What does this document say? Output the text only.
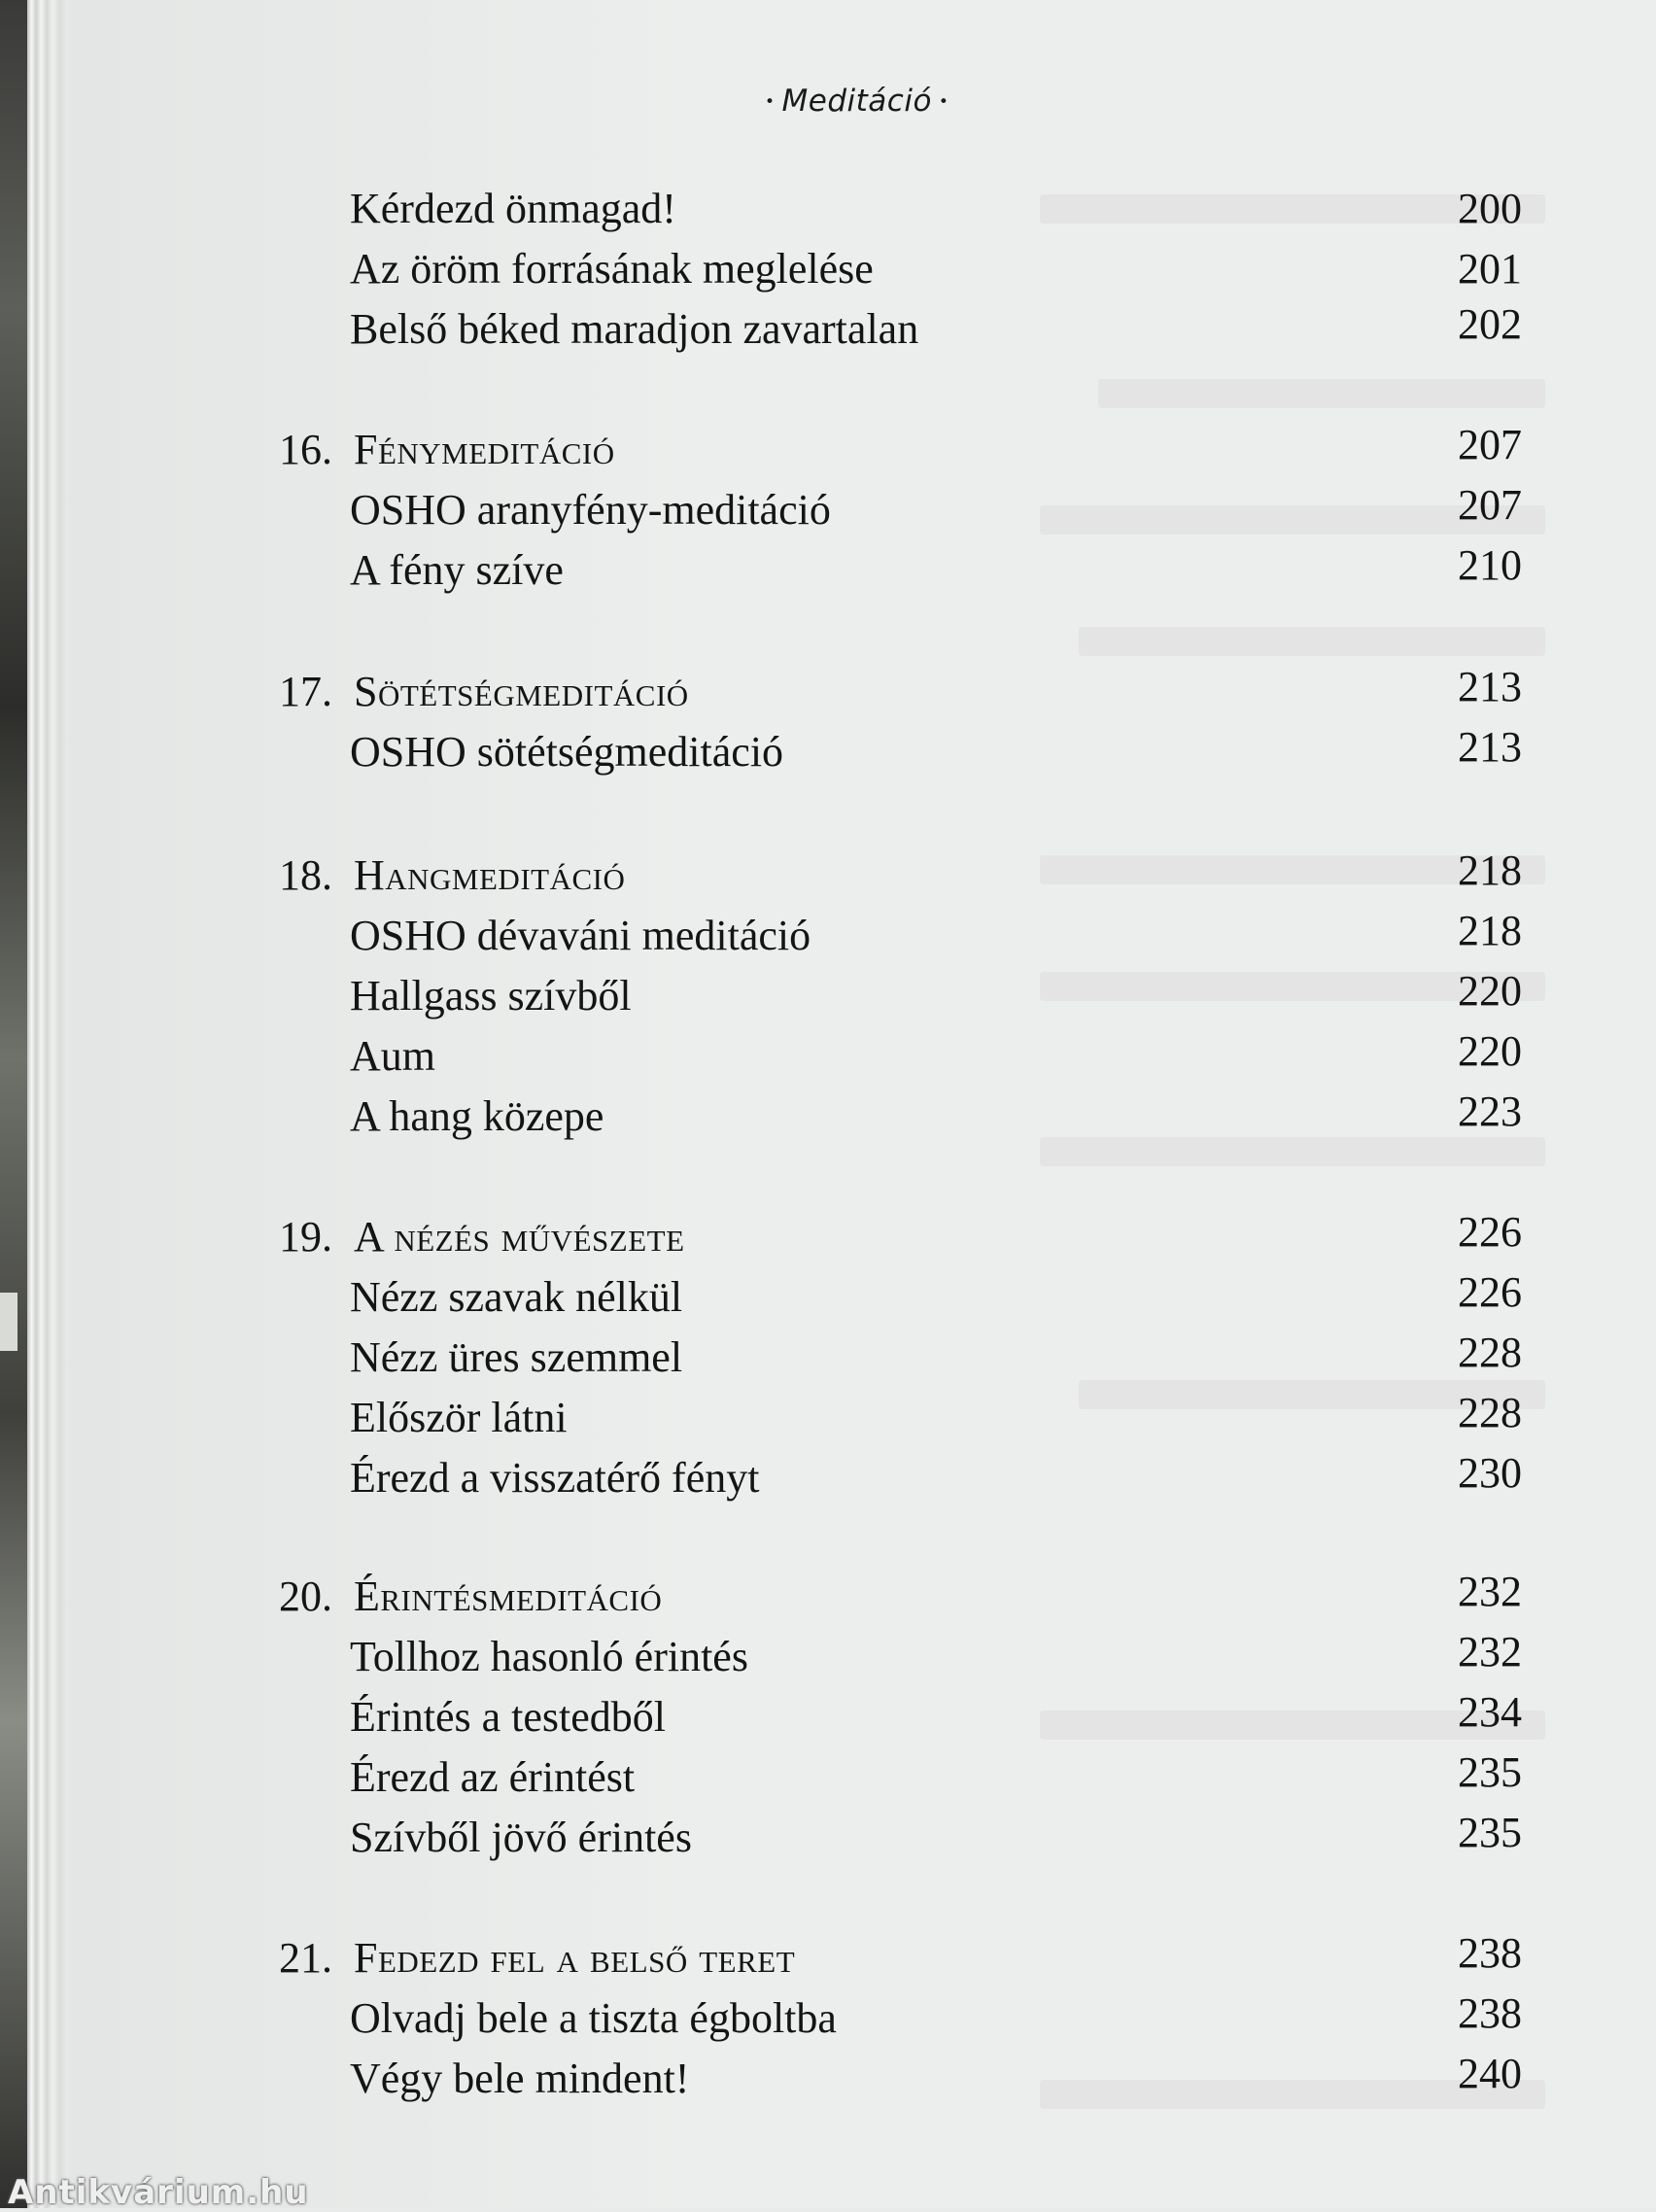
• Meditáció •
Kérdezd önmagad!	200
Az öröm forrásának meglelése	201
Belső béked maradjon zavartalan	202
16. Fénymeditáció	207
OSHO aranyfény-meditáció	207
A fény szíve	210
17. Sötétségmeditáció	213
OSHO sötétségmeditáció	213
18. Hangmeditáció	218
OSHO dévaváni meditáció	218
Hallgass szívből	220
Aum	220
A hang közepe	223
19. A nézés művészete	226
Nézz szavak nélkül	226
Nézz üres szemmel	228
Először látni	228
Érezd a visszatérő fényt	230
20. Érintésmeditáció	232
Tollhoz hasonló érintés	232
Érintés a testedből	234
Érezd az érintést	235
Szívből jövő érintés	235
21. Fedezd fel a belső teret	238
Olvadj bele a tiszta égboltba	238
Végy bele mindent!	240
Antikvárium.hu
